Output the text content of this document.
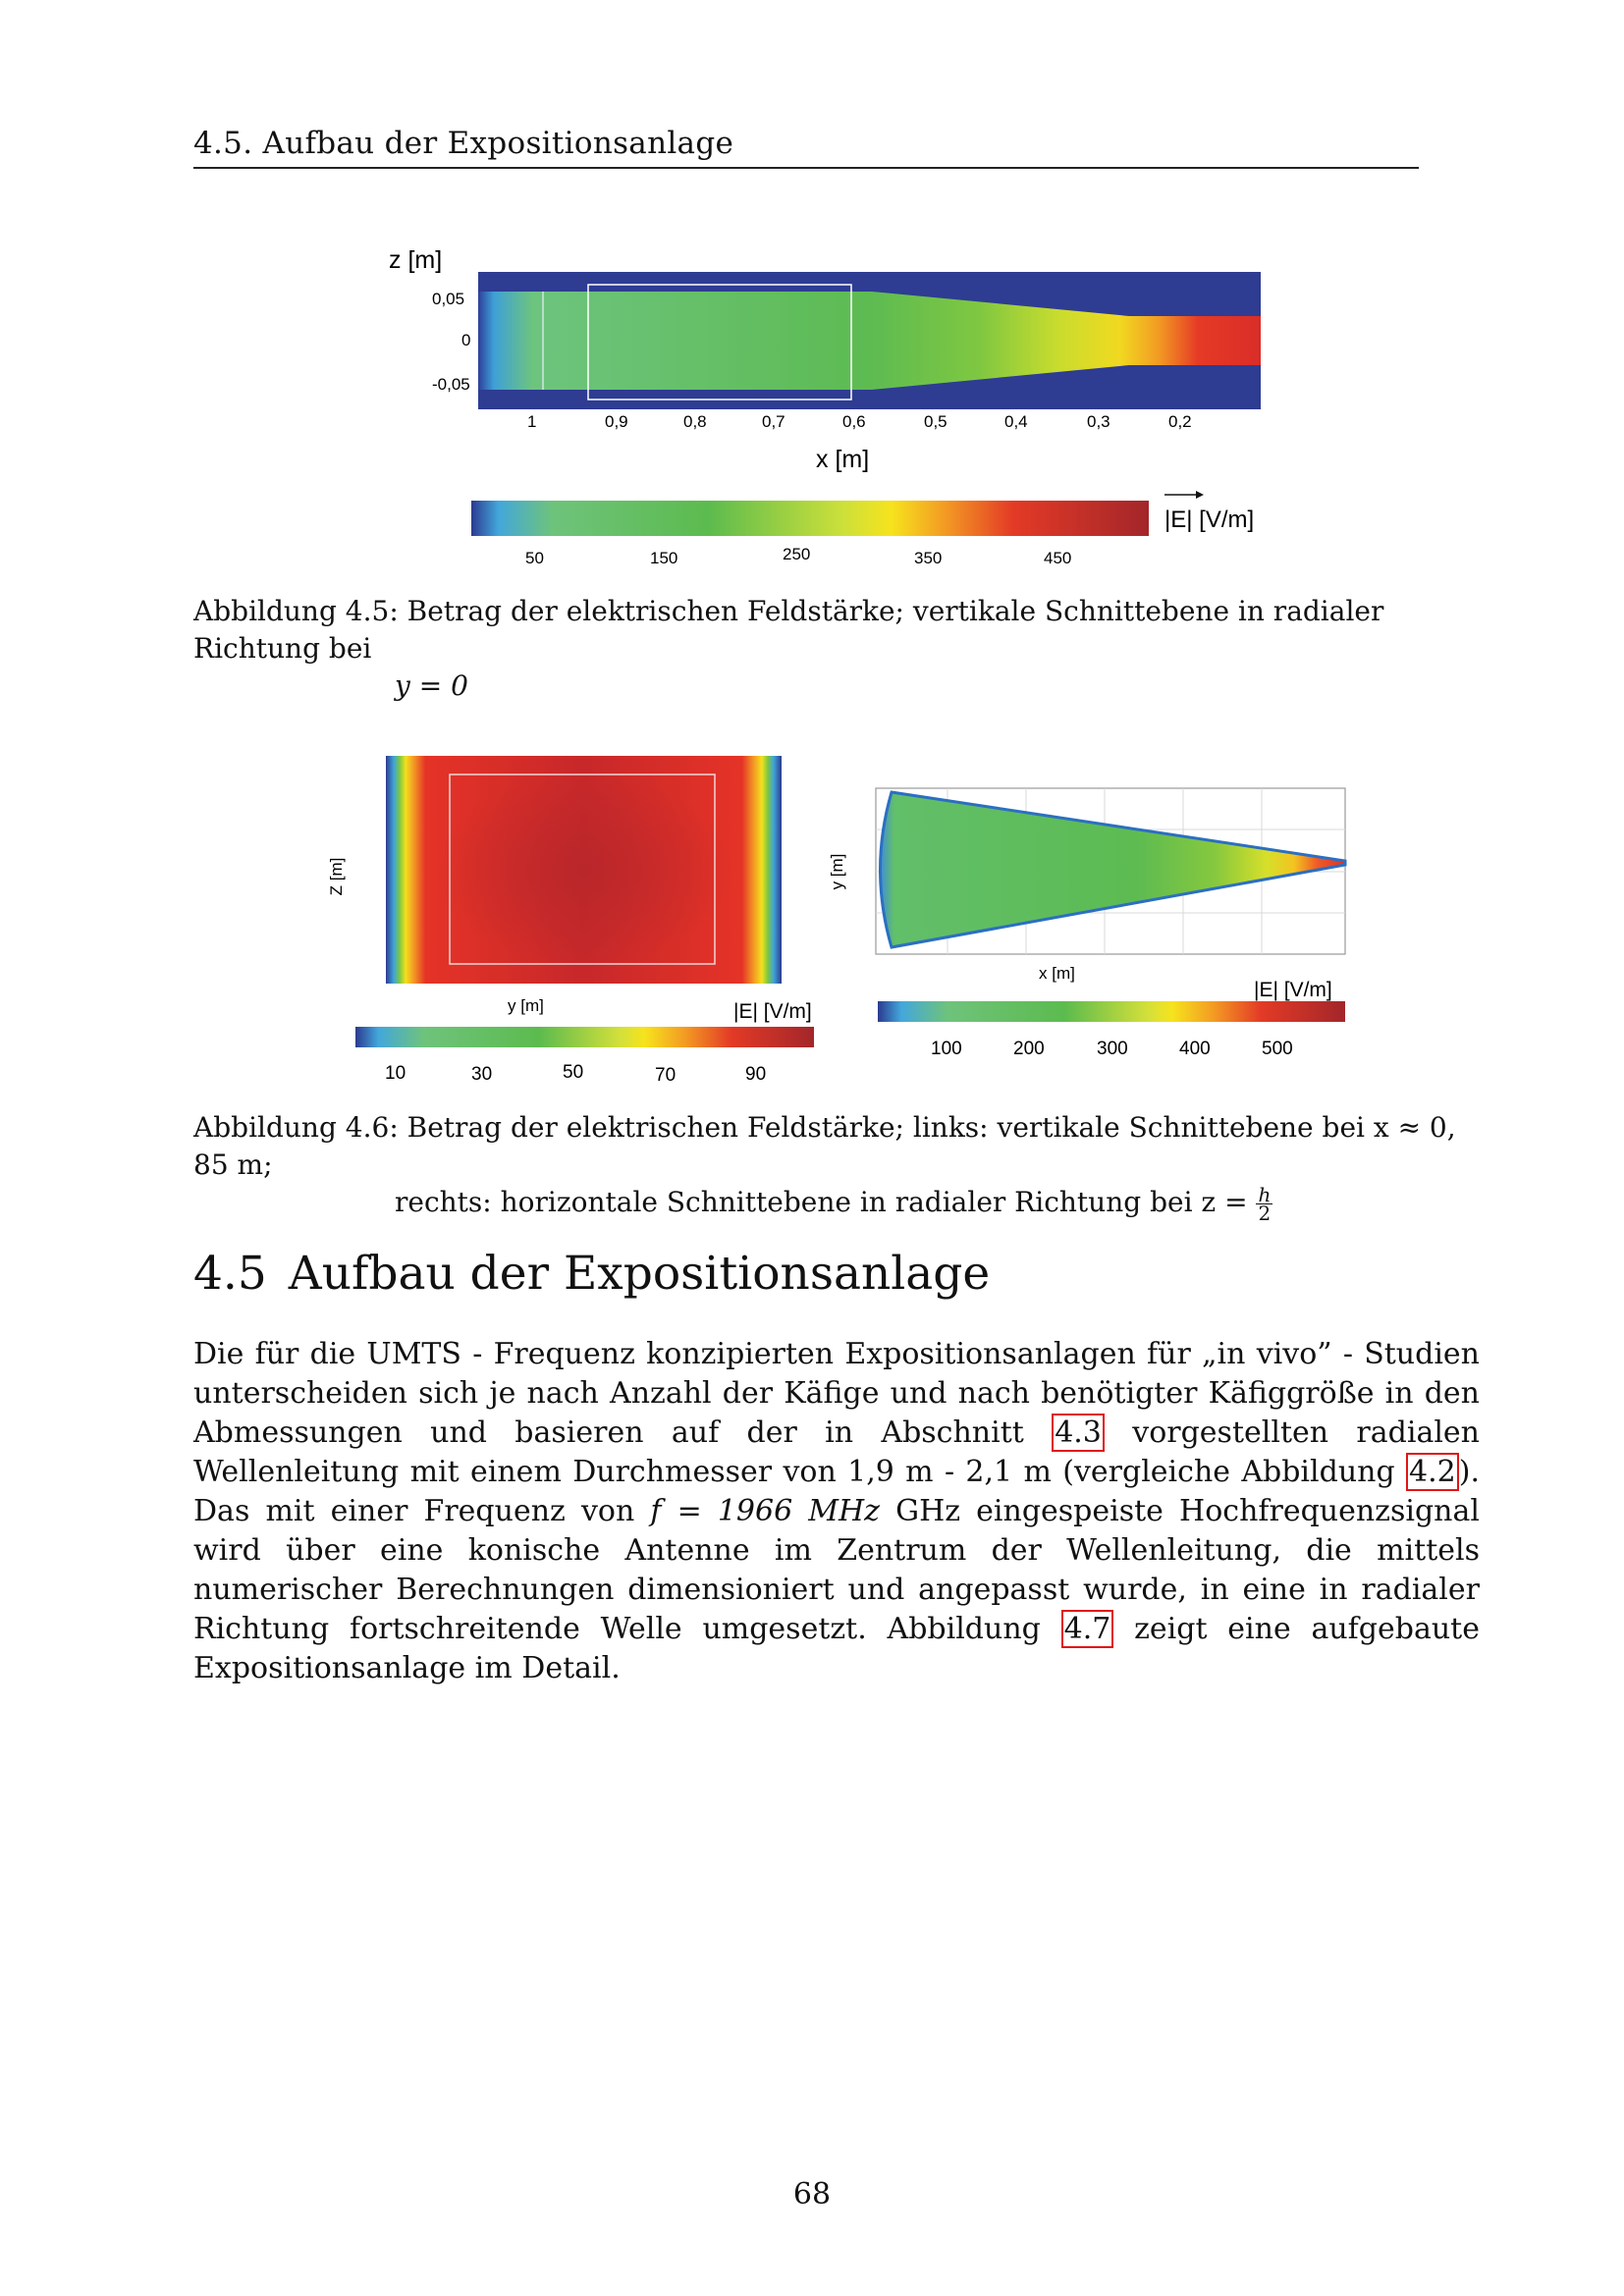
4.5. Aufbau der Expositionsanlage
z [m]
0,05
0
-0,05
1	0,9	0,8	0,7	0,6	0,5	0,4	0,3	0,2
x [m]
|E| [V/m]
50	150	250	350	450
Abbildung 4.5: Betrag der elektrischen Feldstärke; vertikale Schnittebene in radialer Richtung bei
y = 0
Z [m]
y [m]	|E| [V/m]
10	30	50	70	90
y [m]
x [m]
|E| [V/m]
100	200	300	400	500
Abbildung 4.6: Betrag der elektrischen Feldstärke; links: vertikale Schnittebene bei x ≈ 0, 85 m;
rechts: horizontale Schnittebene in radialer Richtung bei $z = \frac{h}{2}$
4.5 Aufbau der Expositionsanlage
Die für die UMTS - Frequenz konzipierten Expositionsanlagen für „in vivo” - Studien unterscheiden sich je nach Anzahl der Käfige und nach benötigter Käfiggröße in den Abmessungen und basieren auf der in Abschnitt 4.3 vorgestellten radialen Wellenleitung mit einem Durchmesser von 1,9 m - 2,1 m (vergleiche Abbildung 4.2 ). Das mit einer Frequenz von f = 1966 MHz GHz eingespeiste Hochfrequenzsignal wird über eine konische Antenne im Zentrum der Wellenleitung, die mittels numerischer Berechnungen dimensioniert und angepasst wurde, in eine in radialer Richtung fortschreitende Welle umgesetzt. Abbildung 4.7 zeigt eine aufgebaute Expositionsanlage im Detail.
68
